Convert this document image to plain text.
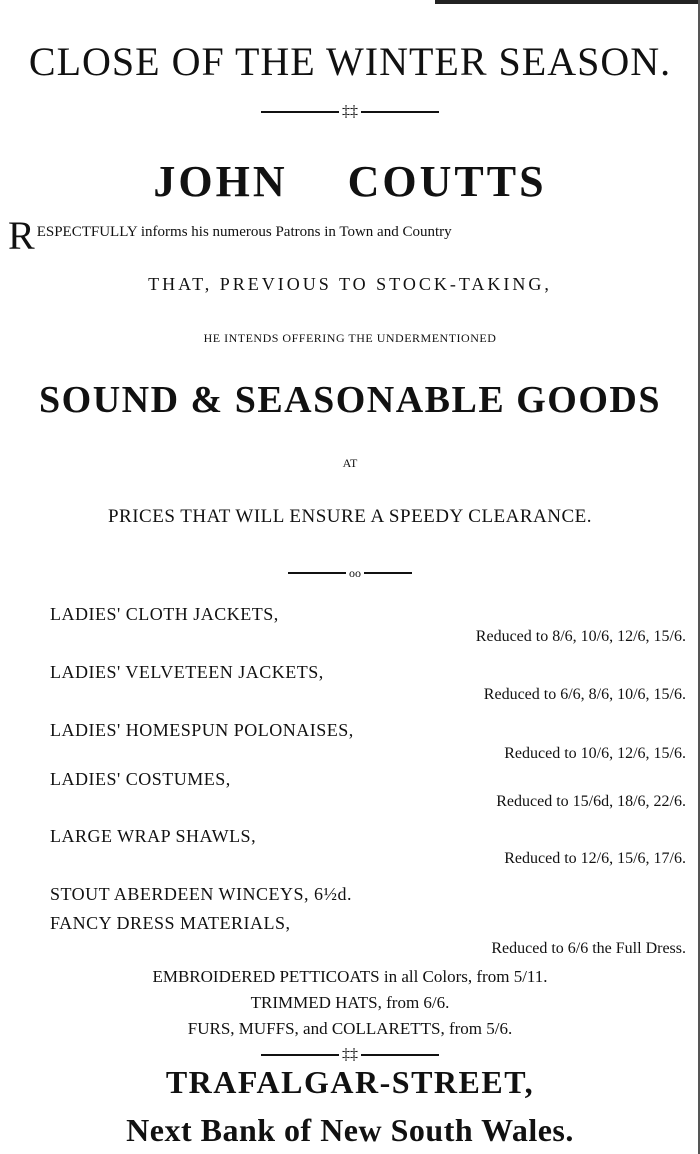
CLOSE OF THE WINTER SEASON.
‡‡
JOHN COUTTS
RESPECTFULLY informs his numerous Patrons in Town and Country
THAT, PREVIOUS TO STOCK-TAKING,
HE INTENDS OFFERING THE UNDERMENTIONED
SOUND & SEASONABLE GOODS
AT
PRICES THAT WILL ENSURE A SPEEDY CLEARANCE.
oo
LADIES' CLOTH JACKETS,
Reduced to 8/6, 10/6, 12/6, 15/6.
LADIES' VELVETEEN JACKETS,
Reduced to 6/6, 8/6, 10/6, 15/6.
LADIES' HOMESPUN POLONAISES,
Reduced to 10/6, 12/6, 15/6.
LADIES' COSTUMES,
Reduced to 15/6d, 18/6, 22/6.
LARGE WRAP SHAWLS,
Reduced to 12/6, 15/6, 17/6.
STOUT ABERDEEN WINCEYS, 6½d.
FANCY DRESS MATERIALS,
Reduced to 6/6 the Full Dress.
EMBROIDERED PETTICOATS in all Colors, from 5/11.
TRIMMED HATS, from 6/6.
FURS, MUFFS, and COLLARETTS, from 5/6.
‡‡
TRAFALGAR-STREET,
Next Bank of New South Wales.
